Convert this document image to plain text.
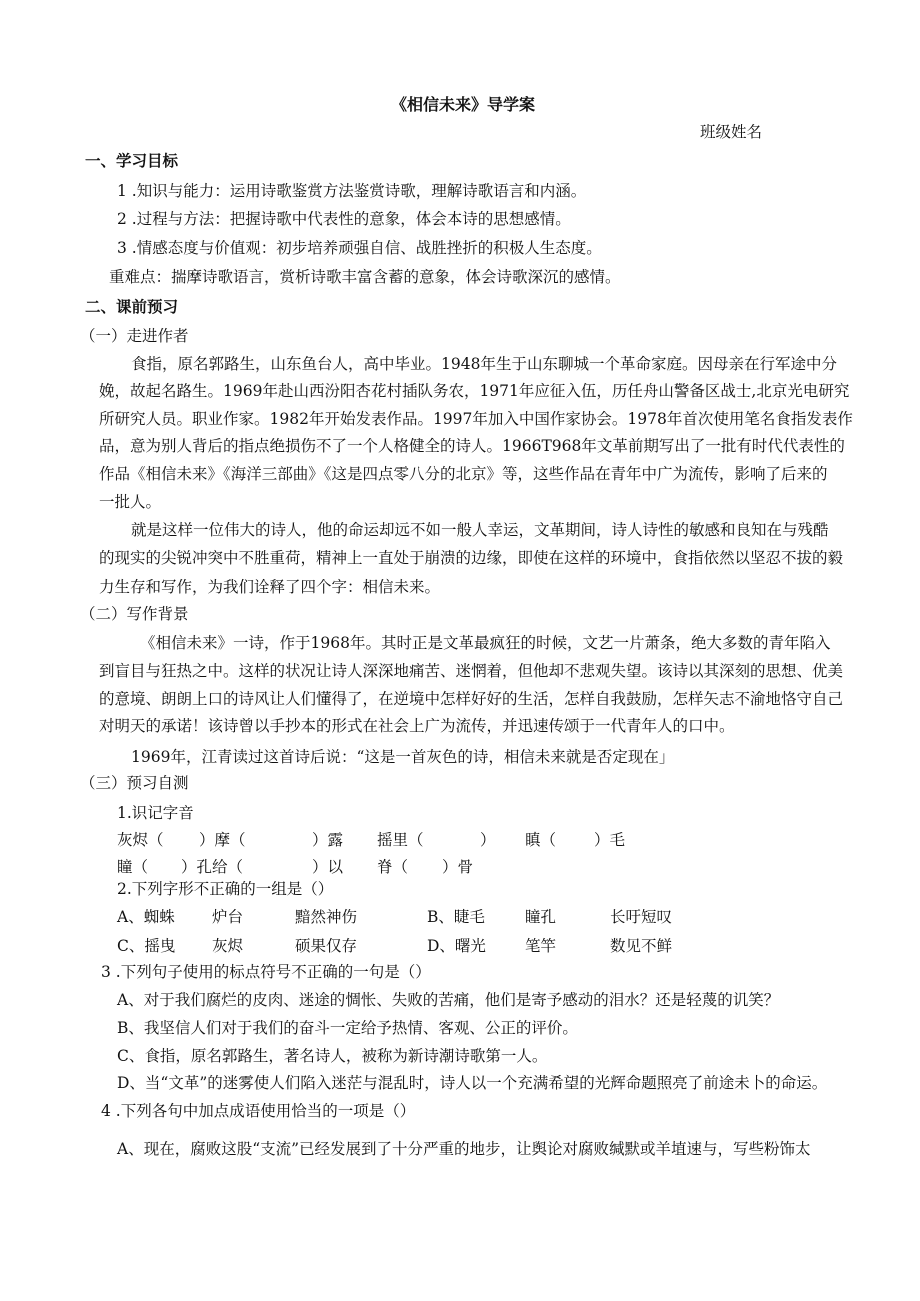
《相信未来》导学案
班级姓名
一、学习目标
1 .知识与能力：运用诗歌鉴赏方法鉴赏诗歌，理解诗歌语言和内涵。
2 .过程与方法：把握诗歌中代表性的意象，体会本诗的思想感情。
3 .情感态度与价值观：初步培养顽强自信、战胜挫折的积极人生态度。
重难点：揣摩诗歌语言，赏析诗歌丰富含蓄的意象，体会诗歌深沉的感情。
二、课前预习
（一）走进作者
食指，原名郭路生，山东鱼台人，高中毕业。1948年生于山东聊城一个革命家庭。因母亲在行军途中分
娩，故起名路生。1969年赴山西汾阳杏花村插队务农，1971年应征入伍，历任舟山警备区战士,北京光电研究
所研究人员。职业作家。1982年开始发表作品。1997年加入中国作家协会。1978年首次使用笔名食指发表作
品，意为别人背后的指点绝损伤不了一个人格健全的诗人。1966T968年文革前期写出了一批有时代代表性的
作品《相信未来》《海洋三部曲》《这是四点零八分的北京》等，这些作品在青年中广为流传，影响了后来的
一批人。
就是这样一位伟大的诗人，他的命运却远不如一般人幸运，文革期间，诗人诗性的敏感和良知在与残酷
的现实的尖锐冲突中不胜重荷，精神上一直处于崩溃的边缘，即使在这样的环境中，食指依然以坚忍不拔的毅
力生存和写作，为我们诠释了四个字：相信未来。
（二）写作背景
《相信未来》一诗，作于1968年。其时正是文革最疯狂的时候，文艺一片萧条，绝大多数的青年陷入
到盲目与狂热之中。这样的状况让诗人深深地痛苦、迷惘着，但他却不悲观失望。该诗以其深刻的思想、优美
的意境、朗朗上口的诗风让人们懂得了，在逆境中怎样好好的生活，怎样自我鼓励，怎样矢志不渝地恪守自己
对明天的承诺！该诗曾以手抄本的形式在社会上广为流传，并迅速传颂于一代青年人的口中。
1969年，江青读过这首诗后说：“这是一首灰色的诗，相信未来就是否定现在」
（三）预习自测
1.识记字音
灰烬（ ）摩（	）露 摇里（	） 瞋（ ）毛
瞳（ ）孔给（	）以 脊（ ）骨
2.下列字形不正确的一组是（）
A、蜘蛛 炉台	黯然神伤	B、睫毛	瞳孔	长吁短叹
C、摇曳 灰烬	硕果仅存	D、曙光	笔竿	数见不鲜
3 .下列句子使用的标点符号不正确的一句是（）
A、对于我们腐烂的皮肉、迷途的惆怅、失败的苦痛，他们是寄予感动的泪水？还是轻蔑的讥笑？
B、我坚信人们对于我们的奋斗一定给予热情、客观、公正的评价。
C、食指，原名郭路生，著名诗人，被称为新诗潮诗歌第一人。
D、当“文革”的迷雾使人们陷入迷茫与混乱时，诗人以一个充满希望的光辉命题照亮了前途未卜的命运。
4 .下列各句中加点成语使用恰当的一项是（）
A、现在，腐败这股“支流”已经发展到了十分严重的地步，让舆论对腐败缄默或羊埴速与，写些粉饰太
